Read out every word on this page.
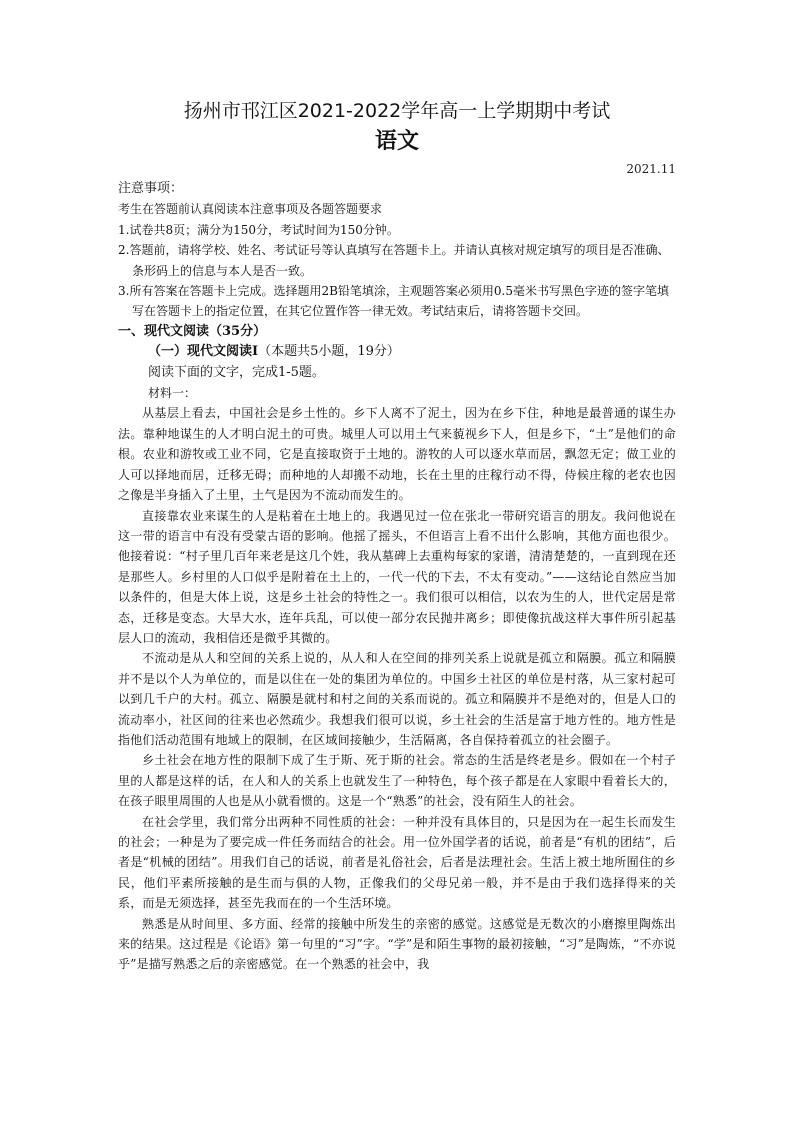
扬州市邗江区2021-2022学年高一上学期期中考试
语文
2021.11

注意事项：

考生在答题前认真阅读本注意事项及各题答题要求

1.试卷共8页；满分为150分，考试时间为150分钟。

2.答题前，请将学校、姓名、考试证号等认真填写在答题卡上。并请认真核对规定填写的项目是否准确、条形码上的信息与本人是否一致。

3.所有答案在答题卡上完成。选择题用2B铅笔填涂，主观题答案必须用0.5毫米书写黑色字迹的签字笔填写在答题卡上的指定位置，在其它位置作答一律无效。考试结束后，请将答题卡交回。

一、现代文阅读（35分）

（一）现代文阅读Ⅰ（本题共5小题，19分）

阅读下面的文字，完成1-5题。

材料一：

从基层上看去，中国社会是乡土性的。乡下人离不了泥土，因为在乡下住，种地是最普通的谋生办法。靠种地谋生的人才明白泥土的可贵。城里人可以用土气来藐视乡下人，但是乡下，“土”是他们的命根。农业和游牧或工业不同，它是直接取资于土地的。游牧的人可以逐水草而居，飘忽无定；做工业的人可以择地而居，迁移无碍；而种地的人却搬不动地，长在土里的庄稼行动不得，侍候庄稼的老农也因之像是半身插入了土里，土气是因为不流动而发生的。

直接靠农业来谋生的人是粘着在土地上的。我遇见过一位在张北一带研究语言的朋友。我问他说在这一带的语言中有没有受蒙古语的影响。他摇了摇头，不但语言上看不出什么影响，其他方面也很少。他接着说：“村子里几百年来老是这几个姓，我从墓碑上去重构每家的家谱，清清楚楚的，一直到现在还是那些人。乡村里的人口似乎是附着在土上的，一代一代的下去，不太有变动。”——这结论自然应当加以条件的，但是大体上说，这是乡土社会的特性之一。我们很可以相信，以农为生的人，世代定居是常态，迁移是变态。大旱大水，连年兵乱，可以使一部分农民抛井离乡；即使像抗战这样大事件所引起基层人口的流动，我相信还是微乎其微的。

不流动是从人和空间的关系上说的，从人和人在空间的排列关系上说就是孤立和隔膜。孤立和隔膜并不是以个人为单位的，而是以住在一处的集团为单位的。中国乡土社区的单位是村落，从三家村起可以到几千户的大村。孤立、隔膜是就村和村之间的关系而说的。孤立和隔膜并不是绝对的，但是人口的流动率小，社区间的往来也必然疏少。我想我们很可以说，乡土社会的生活是富于地方性的。地方性是指他们活动范围有地域上的限制，在区域间接触少，生活隔离，各自保持着孤立的社会圈子。

乡土社会在地方性的限制下成了生于斯、死于斯的社会。常态的生活是终老是乡。假如在一个村子里的人都是这样的话，在人和人的关系上也就发生了一种特色，每个孩子都是在人家眼中看着长大的，在孩子眼里周围的人也是从小就看惯的。这是一个“熟悉”的社会，没有陌生人的社会。

在社会学里，我们常分出两种不同性质的社会：一种并没有具体目的，只是因为在一起生长而发生的社会；一种是为了要完成一件任务而结合的社会。用一位外国学者的话说，前者是“有机的团结”，后者是“机械的团结”。用我们自己的话说，前者是礼俗社会，后者是法理社会。生活上被土地所囿住的乡民，他们平素所接触的是生而与俱的人物，正像我们的父母兄弟一般，并不是由于我们选择得来的关系，而是无须选择，甚至先我而在的一个生活环境。

熟悉是从时间里、多方面、经常的接触中所发生的亲密的感觉。这感觉是无数次的小磨擦里陶炼出来的结果。这过程是《论语》第一句里的“习”字。“学”是和陌生事物的最初接触，“习”是陶炼，“不亦说乎”是描写熟悉之后的亲密感觉。在一个熟悉的社会中，我
